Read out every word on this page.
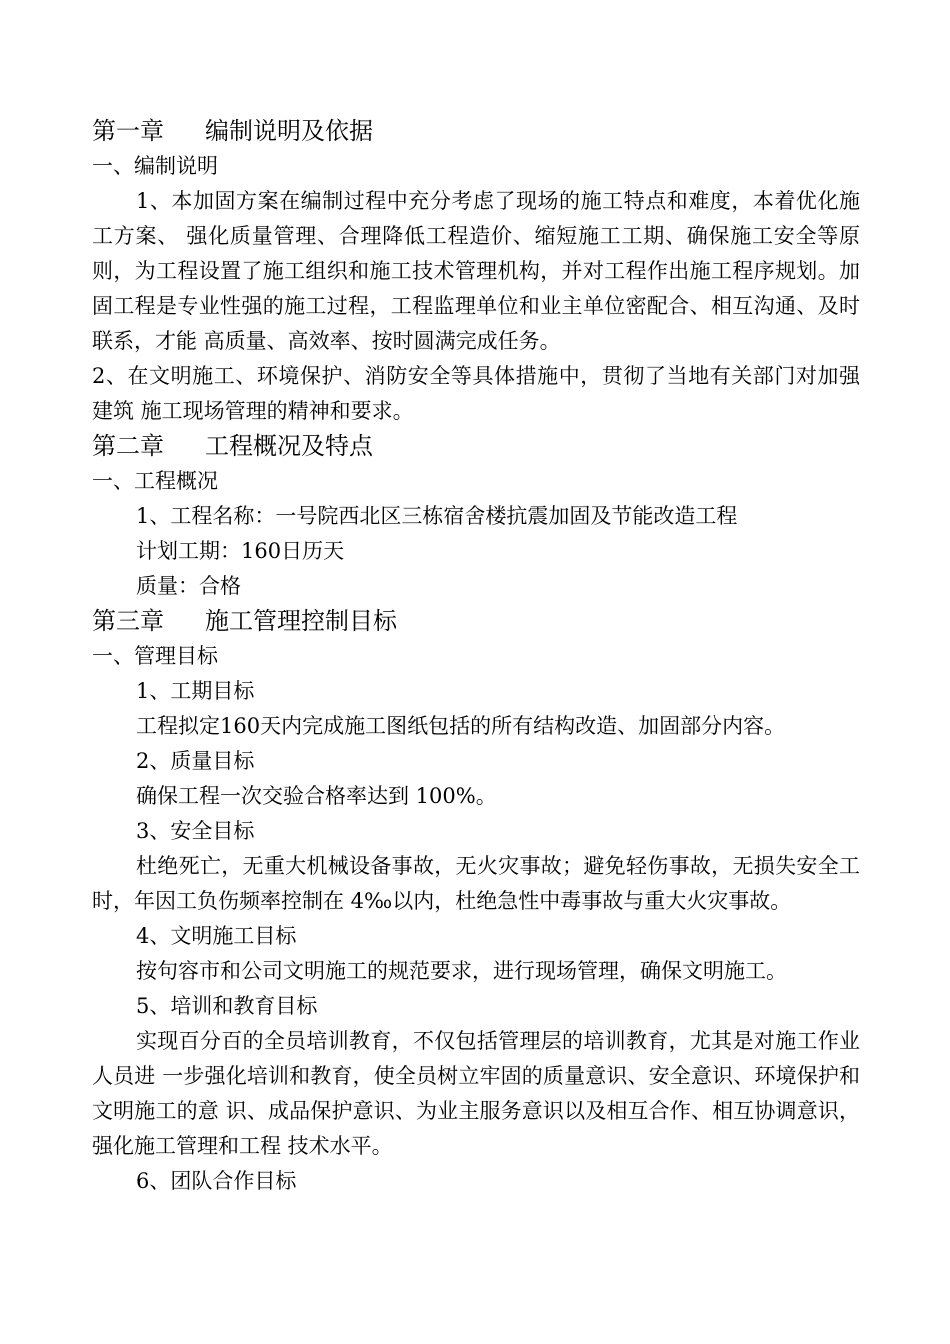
第一章 编制说明及依据
一、编制说明

1、本加固方案在编制过程中充分考虑了现场的施工特点和难度，本着优化施工方案、 强化质量管理、合理降低工程造价、缩短施工工期、确保施工安全等原则，为工程设置了施工组织和施工技术管理机构，并对工程作出施工程序规划。加固工程是专业性强的施工过程，工程监理单位和业主单位密配合、相互沟通、及时联系，才能 高质量、高效率、按时圆满完成任务。

2、在文明施工、环境保护、消防安全等具体措施中，贯彻了当地有关部门对加强建筑 施工现场管理的精神和要求。

第二章 工程概况及特点
一、工程概况

1、工程名称：一号院西北区三栋宿舍楼抗震加固及节能改造工程

计划工期：160日历天

质量：合格

第三章 施工管理控制目标
一、管理目标

1、工期目标

工程拟定160天内完成施工图纸包括的所有结构改造、加固部分内容。

2、质量目标

确保工程一次交验合格率达到 100%。

3、安全目标

杜绝死亡，无重大机械设备事故，无火灾事故；避免轻伤事故，无损失安全工时，年因工负伤频率控制在 4‰以内，杜绝急性中毒事故与重大火灾事故。

4、文明施工目标

按句容市和公司文明施工的规范要求，进行现场管理，确保文明施工。

5、培训和教育目标

实现百分百的全员培训教育，不仅包括管理层的培训教育，尤其是对施工作业人员进 一步强化培训和教育，使全员树立牢固的质量意识、安全意识、环境保护和文明施工的意 识、成品保护意识、为业主服务意识以及相互合作、相互协调意识，强化施工管理和工程 技术水平。

6、团队合作目标
